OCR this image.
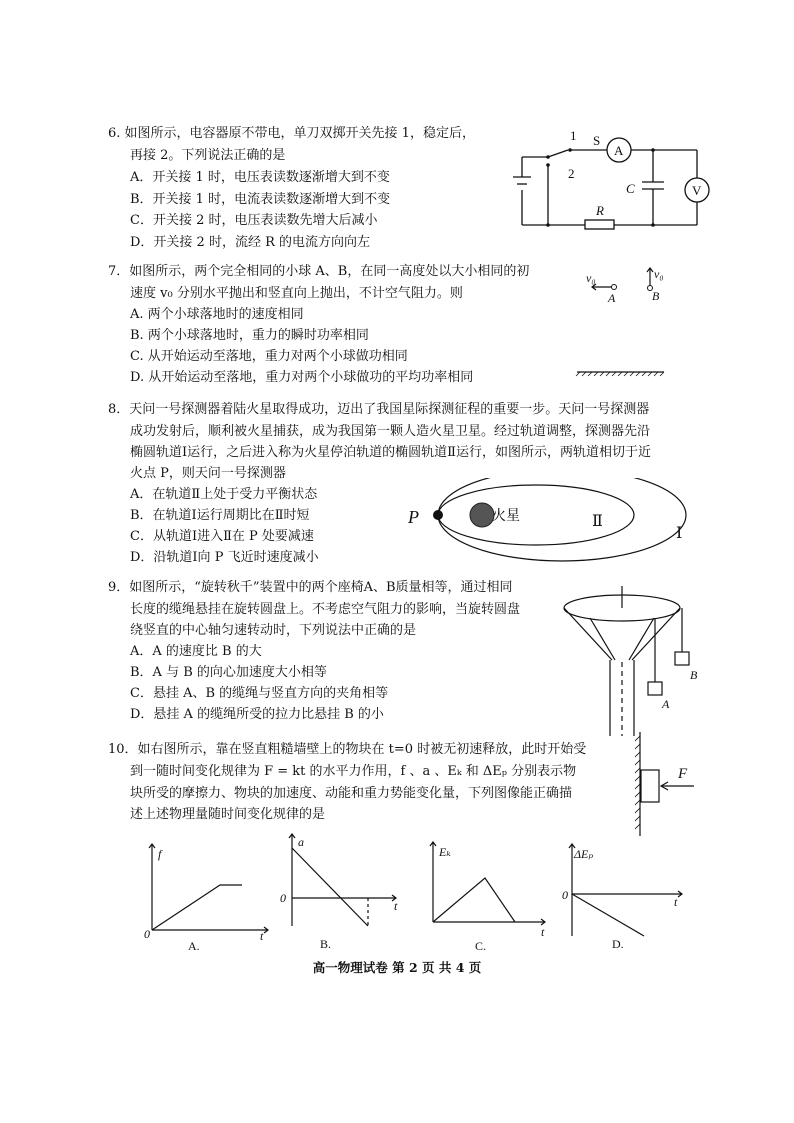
6. 如图所示，电容器原不带电，单刀双掷开关先接 1，稳定后，
再接 2。下列说法正确的是
A．开关接 1 时，电压表读数逐渐增大到不变
B．开关接 1 时，电流表读数逐渐增大到不变
C．开关接 2 时，电压表读数先增大后减小
D．开关接 2 时，流经 R 的电流方向向左
1
2
S
A
V
C
R
7．如图所示，两个完全相同的小球 A、B，在同一高度处以大小相同的初
速度 v₀ 分别水平抛出和竖直向上抛出，不计空气阻力。则
A. 两个小球落地时的速度相同
B. 两个小球落地时，重力的瞬时功率相同
C. 从开始运动至落地，重力对两个小球做功相同
D. 从开始运动至落地，重力对两个小球做功的平均功率相同
v₀
A
v₀
B
8．天问一号探测器着陆火星取得成功，迈出了我国星际探测征程的重要一步。天问一号探测器
成功发射后，顺利被火星捕获，成为我国第一颗人造火星卫星。经过轨道调整，探测器先沿
椭圆轨道Ⅰ运行，之后进入称为火星停泊轨道的椭圆轨道Ⅱ运行，如图所示，两轨道相切于近
火点 P，则天问一号探测器
A．在轨道Ⅱ上处于受力平衡状态
B．在轨道Ⅰ运行周期比在Ⅱ时短
C．从轨道Ⅰ进入Ⅱ在 P 处要减速
D．沿轨道Ⅰ向 P 飞近时速度减小
P	火星	Ⅱ
Ⅰ
9．如图所示，“旋转秋千”装置中的两个座椅A、B质量相等，通过相同
长度的缆绳悬挂在旋转圆盘上。不考虑空气阻力的影响，当旋转圆盘
绕竖直的中心轴匀速转动时，下列说法中正确的是
A．A 的速度比 B 的大
B．A 与 B 的向心加速度大小相等
C．悬挂 A、B 的缆绳与竖直方向的夹角相等
D．悬挂 A 的缆绳所受的拉力比悬挂 B 的小
A
B
10．如右图所示，靠在竖直粗糙墙壁上的物块在 t=0 时被无初速释放，此时开始受
到一随时间变化规律为 F = kt 的水平力作用，f 、a 、Eₖ 和 ΔEₚ 分别表示物
块所受的摩擦力、物块的加速度、动能和重力势能变化量，下列图像能正确描
述上述物理量随时间变化规律的是
F
f
t
0
A.
a
t
0
B.
Eₖ
t
C.
ΔEₚ
t
0
D.
高一物理试卷 第 2 页 共 4 页
